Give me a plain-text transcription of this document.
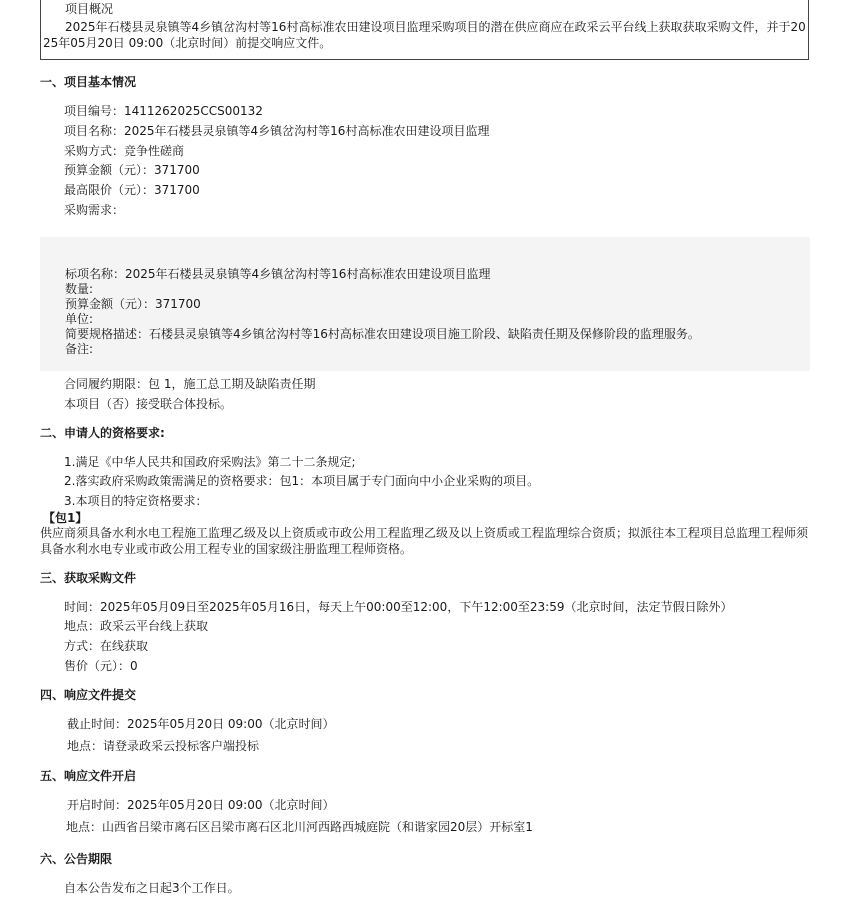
项目概况
2025年石楼县灵泉镇等4乡镇岔沟村等16村高标准农田建设项目监理采购项目的潜在供应商应在政采云平台线上获取获取采购文件，并于2025年05月20日 09:00（北京时间）前提交响应文件。
一、项目基本情况
项目编号：1411262025CCS00132
项目名称：2025年石楼县灵泉镇等4乡镇岔沟村等16村高标准农田建设项目监理
采购方式：竞争性磋商
预算金额（元）：371700
最高限价（元）：371700
采购需求：
标项名称：2025年石楼县灵泉镇等4乡镇岔沟村等16村高标准农田建设项目监理
数量:
预算金额（元）：371700
单位:
简要规格描述：石楼县灵泉镇等4乡镇岔沟村等16村高标准农田建设项目施工阶段、缺陷责任期及保修阶段的监理服务。
备注:
合同履约期限：包 1，施工总工期及缺陷责任期
本项目（否）接受联合体投标。
二、申请人的资格要求:
1.满足《中华人民共和国政府采购法》第二十二条规定;
2.落实政府采购政策需满足的资格要求：包1：本项目属于专门面向中小企业采购的项目。
3.本项目的特定资格要求：
【包1】
供应商须具备水利水电工程施工监理乙级及以上资质或市政公用工程监理乙级及以上资质或工程监理综合资质；拟派往本工程项目总监理工程师须具备水利水电专业或市政公用工程专业的国家级注册监理工程师资格。
三、获取采购文件
时间：2025年05月09日至2025年05月16日，每天上午00:00至12:00，下午12:00至23:59（北京时间，法定节假日除外）
地点：政采云平台线上获取
方式：在线获取
售价（元）：0
四、响应文件提交
截止时间：2025年05月20日 09:00（北京时间）
地点：请登录政采云投标客户端投标
五、响应文件开启
开启时间：2025年05月20日 09:00（北京时间）
地点：山西省吕梁市离石区吕梁市离石区北川河西路西城庭院（和谐家园20层）开标室1
六、公告期限
自本公告发布之日起3个工作日。
